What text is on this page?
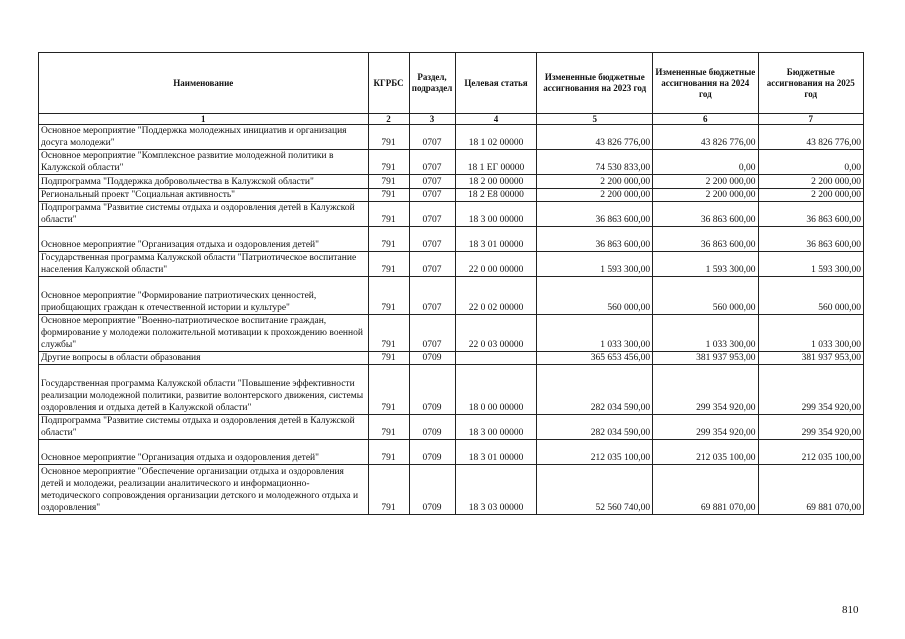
Наименование	КГРБС	Раздел, подраздел	Целевая статья	Измененные бюджетные ассигнования на 2023 год	Измененные бюджетные ассигнования на 2024 год	Бюджетные ассигнования на 2025 год
1	2	3	4	5	6	7
Основное мероприятие "Поддержка молодежных инициатив и организация досуга молодежи"	791	0707	18 1 02 00000	43 826 776,00	43 826 776,00	43 826 776,00
Основное мероприятие "Комплексное развитие молодежной политики в Калужской области"	791	0707	18 1 ЕГ 00000	74 530 833,00	0,00	0,00
Подпрограмма "Поддержка добровольчества в Калужской области"	791	0707	18 2 00 00000	2 200 000,00	2 200 000,00	2 200 000,00
Региональный проект "Социальная активность"	791	0707	18 2 E8 00000	2 200 000,00	2 200 000,00	2 200 000,00
Подпрограмма "Развитие системы отдыха и оздоровления детей в Калужской области"	791	0707	18 3 00 00000	36 863 600,00	36 863 600,00	36 863 600,00
Основное мероприятие "Организация отдыха и оздоровления детей"	791	0707	18 3 01 00000	36 863 600,00	36 863 600,00	36 863 600,00
Государственная программа Калужской области "Патриотическое воспитание населения Калужской области"	791	0707	22 0 00 00000	1 593 300,00	1 593 300,00	1 593 300,00
Основное мероприятие "Формирование патриотических ценностей, приобщающих граждан к отечественной истории и культуре"	791	0707	22 0 02 00000	560 000,00	560 000,00	560 000,00
Основное мероприятие "Военно-патриотическое воспитание граждан, формирование у молодежи положительной мотивации к прохождению военной службы"	791	0707	22 0 03 00000	1 033 300,00	1 033 300,00	1 033 300,00
Другие вопросы в области образования	791	0709		365 653 456,00	381 937 953,00	381 937 953,00
Государственная программа Калужской области "Повышение эффективности реализации молодежной политики, развитие волонтерского движения, системы оздоровления и отдыха детей в Калужской области"	791	0709	18 0 00 00000	282 034 590,00	299 354 920,00	299 354 920,00
Подпрограмма "Развитие системы отдыха и оздоровления детей в Калужской области"	791	0709	18 3 00 00000	282 034 590,00	299 354 920,00	299 354 920,00
Основное мероприятие "Организация отдыха и оздоровления детей"	791	0709	18 3 01 00000	212 035 100,00	212 035 100,00	212 035 100,00
Основное мероприятие "Обеспечение организации отдыха и оздоровления детей и молодежи, реализации аналитического и информационно-методического сопровождения организации детского и молодежного отдыха и оздоровления"	791	0709	18 3 03 00000	52 560 740,00	69 881 070,00	69 881 070,00
810
